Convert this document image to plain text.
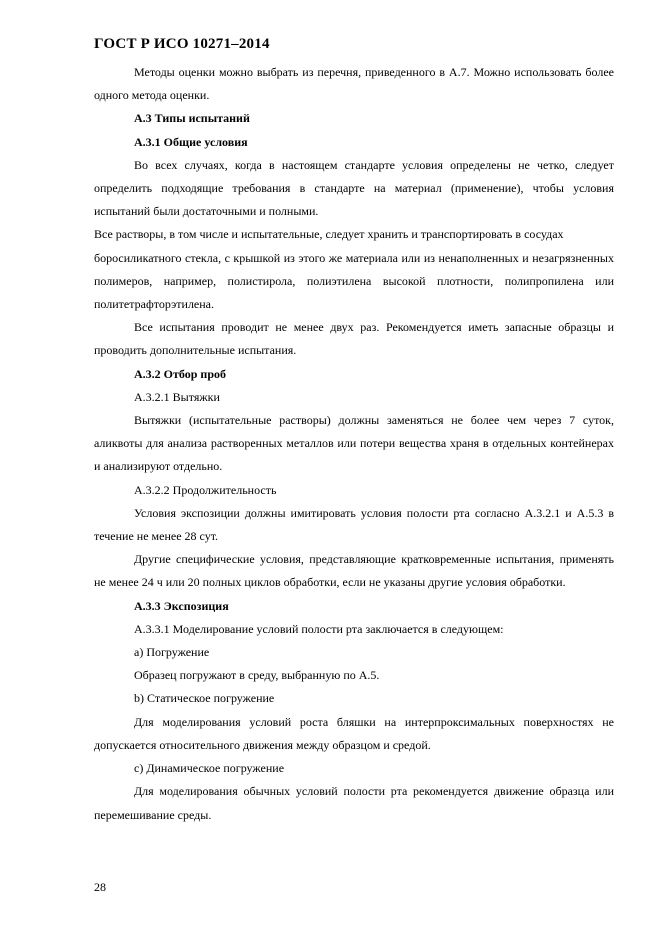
ГОСТ Р ИСО 10271–2014

Методы оценки можно выбрать из перечня, приведенного в А.7. Можно использовать более одного метода оценки.

А.3 Типы испытаний

А.3.1 Общие условия

Во всех случаях, когда в настоящем стандарте условия определены не четко, следует определить подходящие требования в стандарте на материал (применение), чтобы условия испытаний были достаточными и полными.

Все растворы, в том числе и испытательные, следует хранить и транспортировать в сосудах

боросиликатного стекла, с крышкой из этого же материала или из ненаполненных и незагрязненных полимеров, например, полистирола, полиэтилена высокой плотности, полипропилена или политетрафторэтилена.

Все испытания проводит не менее двух раз. Рекомендуется иметь запасные образцы и проводить дополнительные испытания.

А.3.2 Отбор проб

А.3.2.1 Вытяжки

Вытяжки (испытательные растворы) должны заменяться не более чем через 7 суток, аликвоты для анализа растворенных металлов или потери вещества храня в отдельных контейнерах и анализируют отдельно.

А.3.2.2 Продолжительность

Условия экспозиции должны имитировать условия полости рта согласно А.3.2.1 и А.5.3 в течение не менее 28 сут.

Другие специфические условия, представляющие кратковременные испытания, применять не менее 24 ч или 20 полных циклов обработки, если не указаны другие условия обработки.

А.3.3 Экспозиция

А.3.3.1 Моделирование условий полости рта заключается в следующем:

a) Погружение

Образец погружают в среду, выбранную по А.5.

b) Статическое погружение

Для моделирования условий роста бляшки на интерпроксимальных поверхностях не допускается относительного движения между образцом и средой.

c) Динамическое погружение

Для моделирования обычных условий полости рта рекомендуется движение образца или перемешивание среды.

28
